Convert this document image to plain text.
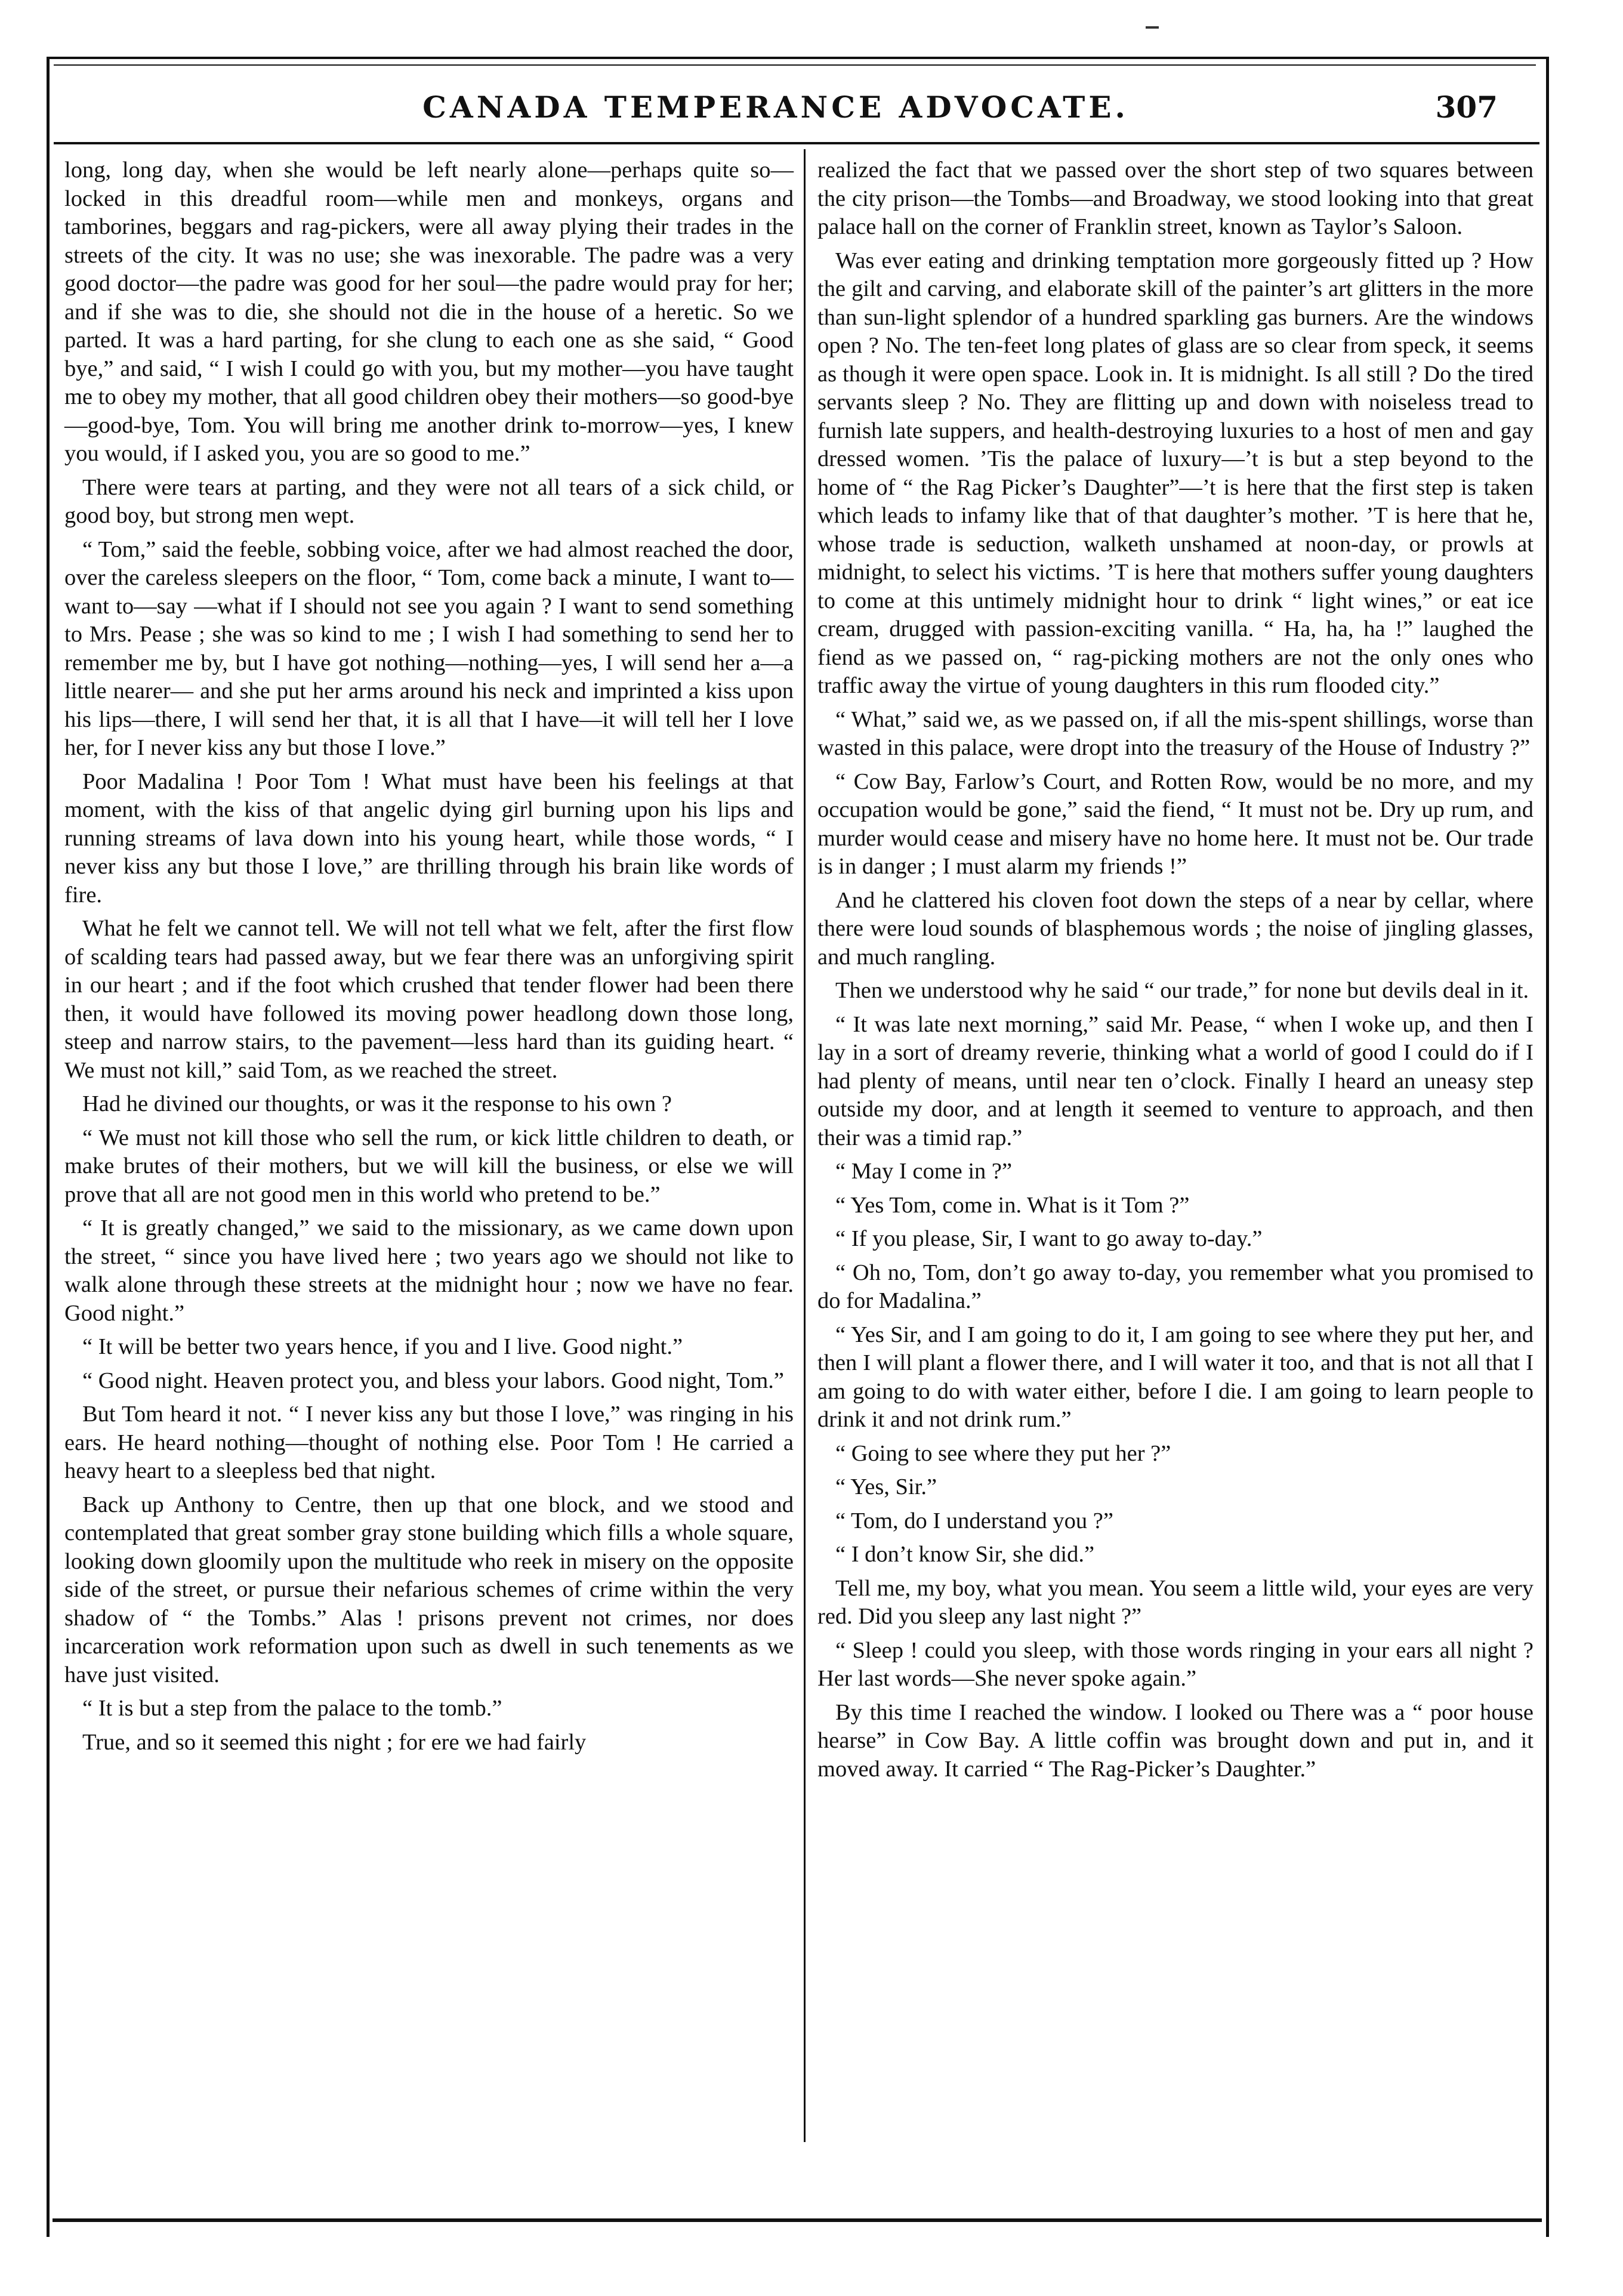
CANADA TEMPERANCE ADVOCATE.	307

long, long day, when she would be left nearly alone—perhaps quite so—locked in this dreadful room—while men and monkeys, organs and tamborines, beggars and rag-pickers, were all away plying their trades in the streets of the city. It was no use; she was inexorable. The padre was a very good doctor—the padre was good for her soul—the padre would pray for her; and if she was to die, she should not die in the house of a heretic. So we parted. It was a hard parting, for she clung to each one as she said, “ Good bye,” and said, “ I wish I could go with you, but my mother—you have taught me to obey my mother, that all good children obey their mothers—so good-bye—good-bye, Tom. You will bring me another drink to-morrow—yes, I knew you would, if I asked you, you are so good to me.”

There were tears at parting, and they were not all tears of a sick child, or good boy, but strong men wept.

“ Tom,” said the feeble, sobbing voice, after we had almost reached the door, over the careless sleepers on the floor, “ Tom, come back a minute, I want to—want to—say —what if I should not see you again ? I want to send something to Mrs. Pease ; she was so kind to me ; I wish I had something to send her to remember me by, but I have got nothing—nothing—yes, I will send her a—a little nearer— and she put her arms around his neck and imprinted a kiss upon his lips—there, I will send her that, it is all that I have—it will tell her I love her, for I never kiss any but those I love.”

Poor Madalina ! Poor Tom ! What must have been his feelings at that moment, with the kiss of that angelic dying girl burning upon his lips and running streams of lava down into his young heart, while those words, “ I never kiss any but those I love,” are thrilling through his brain like words of fire.

What he felt we cannot tell. We will not tell what we felt, after the first flow of scalding tears had passed away, but we fear there was an unforgiving spirit in our heart ; and if the foot which crushed that tender flower had been there then, it would have followed its moving power headlong down those long, steep and narrow stairs, to the pavement—less hard than its guiding heart. “ We must not kill,” said Tom, as we reached the street.

Had he divined our thoughts, or was it the response to his own ?

“ We must not kill those who sell the rum, or kick little children to death, or make brutes of their mothers, but we will kill the business, or else we will prove that all are not good men in this world who pretend to be.”

“ It is greatly changed,” we said to the missionary, as we came down upon the street, “ since you have lived here ; two years ago we should not like to walk alone through these streets at the midnight hour ; now we have no fear. Good night.”

“ It will be better two years hence, if you and I live. Good night.”

“ Good night. Heaven protect you, and bless your labors. Good night, Tom.”

But Tom heard it not. “ I never kiss any but those I love,” was ringing in his ears. He heard nothing—thought of nothing else. Poor Tom ! He carried a heavy heart to a sleepless bed that night.

Back up Anthony to Centre, then up that one block, and we stood and contemplated that great somber gray stone building which fills a whole square, looking down gloomily upon the multitude who reek in misery on the opposite side of the street, or pursue their nefarious schemes of crime within the very shadow of “ the Tombs.” Alas ! prisons prevent not crimes, nor does incarceration work reformation upon such as dwell in such tenements as we have just visited.

“ It is but a step from the palace to the tomb.”

True, and so it seemed this night ; for ere we had fairly

realized the fact that we passed over the short step of two squares between the city prison—the Tombs—and Broadway, we stood looking into that great palace hall on the corner of Franklin street, known as Taylor’s Saloon.

Was ever eating and drinking temptation more gorgeously fitted up ? How the gilt and carving, and elaborate skill of the painter’s art glitters in the more than sun-light splendor of a hundred sparkling gas burners. Are the windows open ? No. The ten-feet long plates of glass are so clear from speck, it seems as though it were open space. Look in. It is midnight. Is all still ? Do the tired servants sleep ? No. They are flitting up and down with noiseless tread to furnish late suppers, and health-destroying luxuries to a host of men and gay dressed women. ’Tis the palace of luxury—’t is but a step beyond to the home of “ the Rag Picker’s Daughter”—’t is here that the first step is taken which leads to infamy like that of that daughter’s mother. ’T is here that he, whose trade is seduction, walketh unshamed at noon-day, or prowls at midnight, to select his victims. ’T is here that mothers suffer young daughters to come at this untimely midnight hour to drink “ light wines,” or eat ice cream, drugged with passion-exciting vanilla. “ Ha, ha, ha !” laughed the fiend as we passed on, “ rag-picking mothers are not the only ones who traffic away the virtue of young daughters in this rum flooded city.”

“ What,” said we, as we passed on, if all the mis-spent shillings, worse than wasted in this palace, were dropt into the treasury of the House of Industry ?”

“ Cow Bay, Farlow’s Court, and Rotten Row, would be no more, and my occupation would be gone,” said the fiend, “ It must not be. Dry up rum, and murder would cease and misery have no home here. It must not be. Our trade is in danger ; I must alarm my friends !”

And he clattered his cloven foot down the steps of a near by cellar, where there were loud sounds of blasphemous words ; the noise of jingling glasses, and much rangling.

Then we understood why he said “ our trade,” for none but devils deal in it.

“ It was late next morning,” said Mr. Pease, “ when I woke up, and then I lay in a sort of dreamy reverie, thinking what a world of good I could do if I had plenty of means, until near ten o’clock. Finally I heard an uneasy step outside my door, and at length it seemed to venture to approach, and then their was a timid rap.”

“ May I come in ?”

“ Yes Tom, come in. What is it Tom ?”

“ If you please, Sir, I want to go away to-day.”

“ Oh no, Tom, don’t go away to-day, you remember what you promised to do for Madalina.”

“ Yes Sir, and I am going to do it, I am going to see where they put her, and then I will plant a flower there, and I will water it too, and that is not all that I am going to do with water either, before I die. I am going to learn people to drink it and not drink rum.”

“ Going to see where they put her ?”

“ Yes, Sir.”

“ Tom, do I understand you ?”

“ I don’t know Sir, she did.”

Tell me, my boy, what you mean. You seem a little wild, your eyes are very red. Did you sleep any last night ?”

“ Sleep ! could you sleep, with those words ringing in your ears all night ? Her last words—She never spoke again.”

By this time I reached the window. I looked ou There was a “ poor house hearse” in Cow Bay. A little coffin was brought down and put in, and it moved away. It carried “ The Rag-Picker’s Daughter.”
